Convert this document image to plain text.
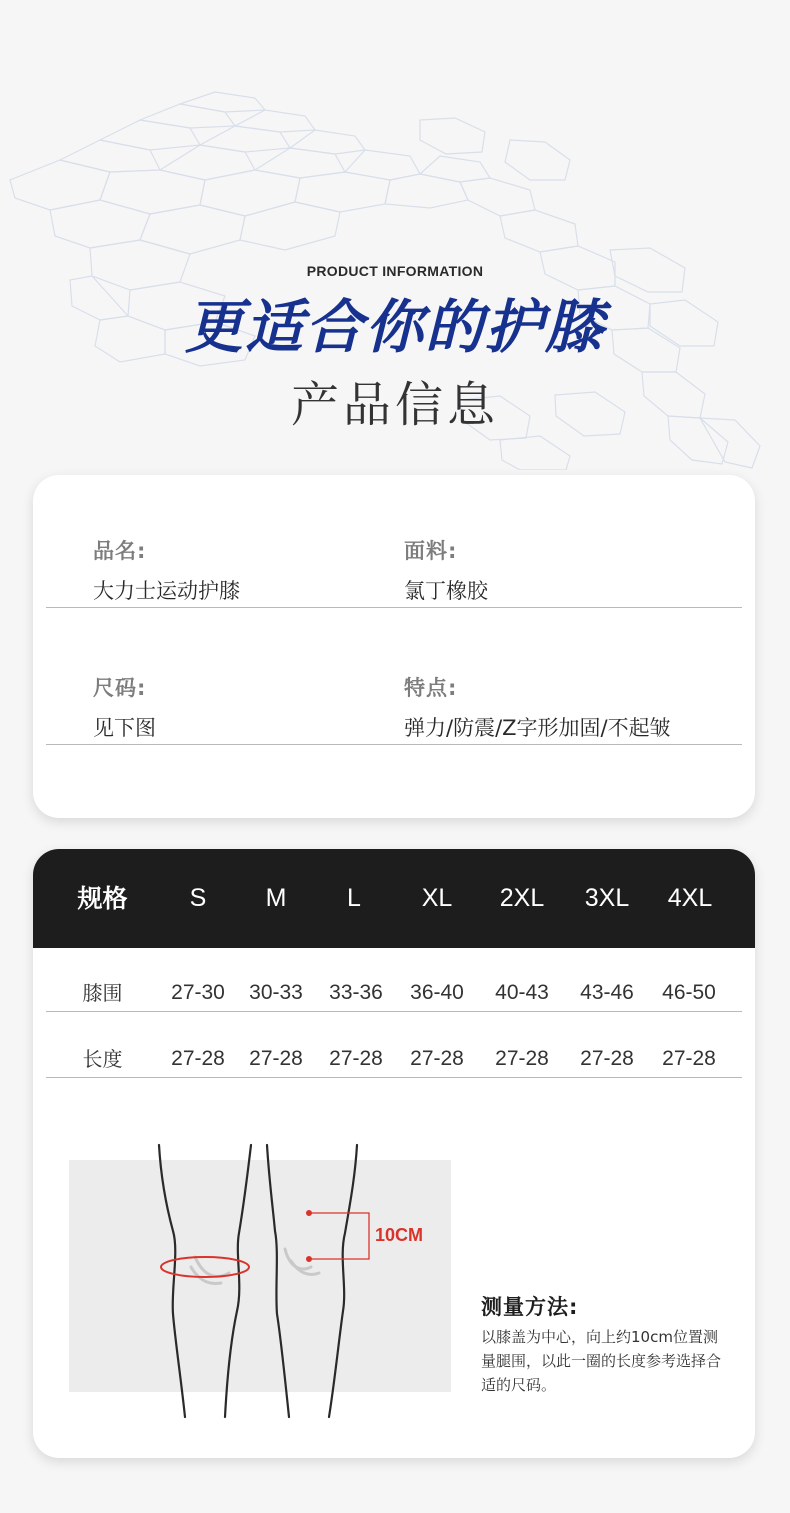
PRODUCT INFORMATION
更适合你的护膝
产品信息
品名:
大力士运动护膝
面料:
氯丁橡胶
尺码:
见下图
特点:
弹力/防震/Z字形加固/不起皱
规格	S	M	L	XL	2XL	3XL	4XL
膝围	27-30	30-33	33-36	36-40	40-43	43-46	46-50
长度	27-28	27-28	27-28	27-28	27-28	27-28	27-28
10CM
测量方法:
以膝盖为中心，向上约10cm位置测量腿围，以此一圈的长度参考选择合适的尺码。
